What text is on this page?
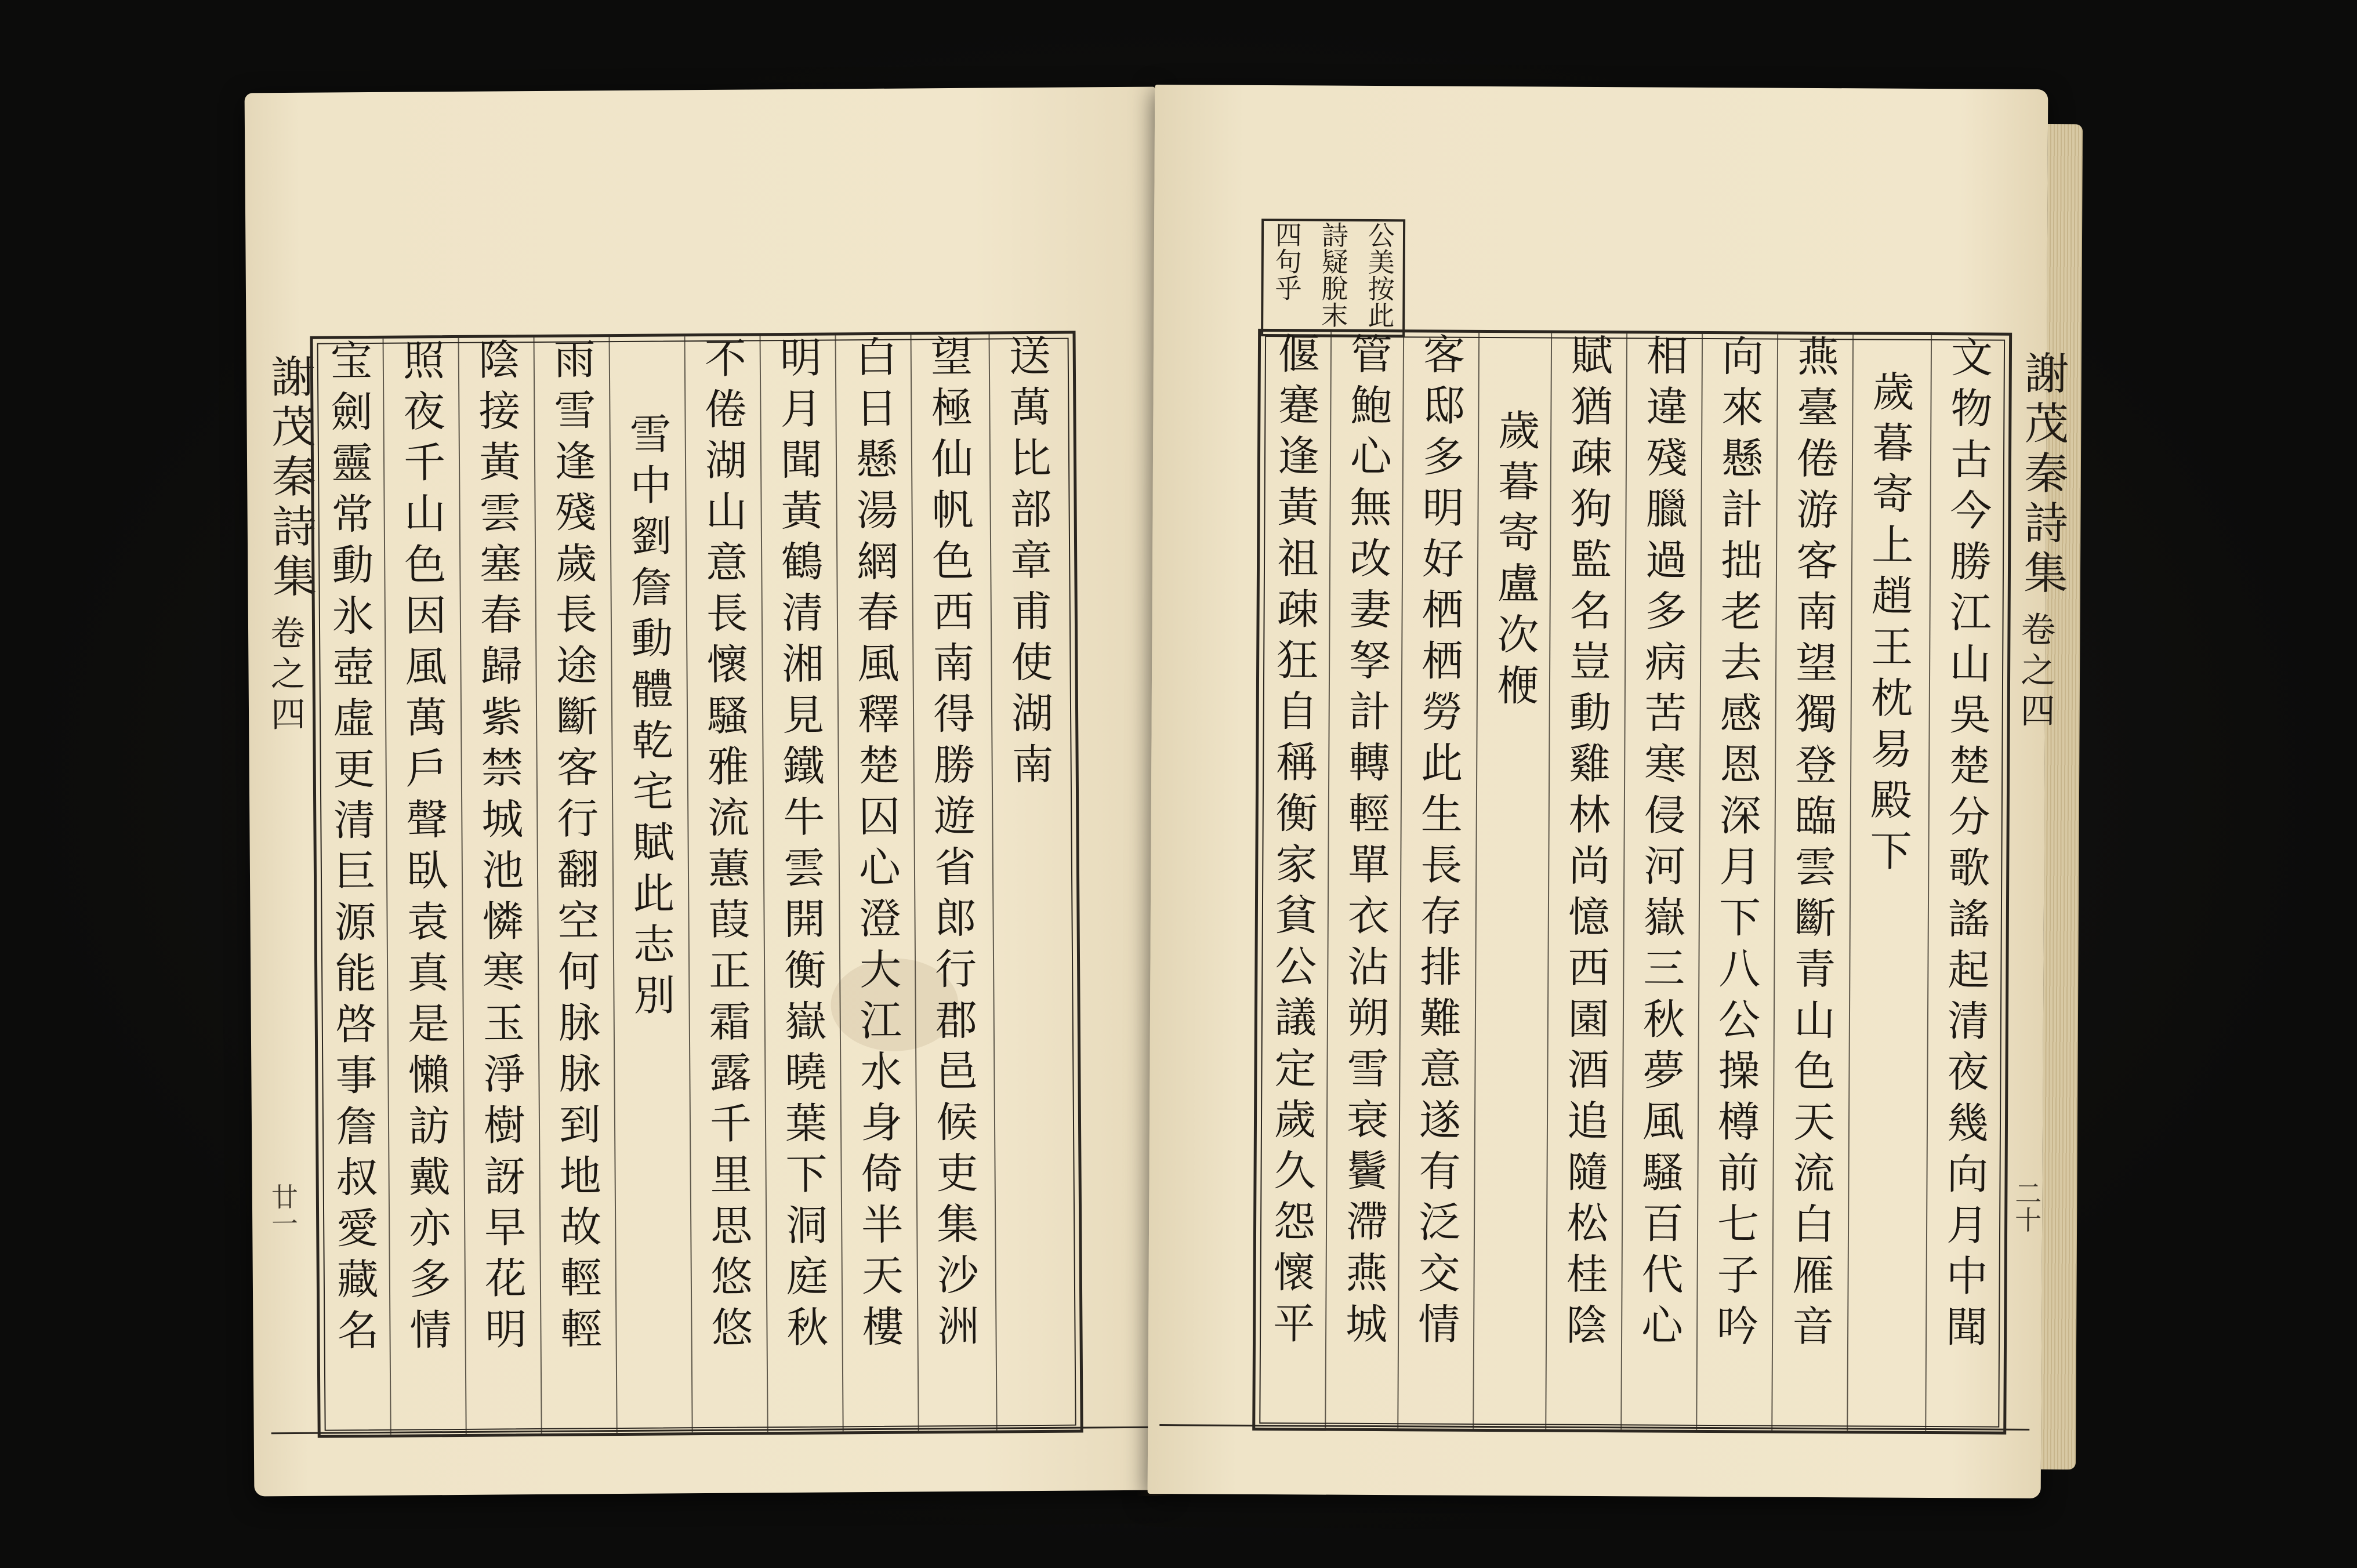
謝茂秦詩集
卷之四
廿一
送萬比部章甫使湖南
望極仙帆色西南得勝遊省郎行郡邑候吏集沙洲
白日懸湯網春風釋楚囚心澄大江水身倚半天樓
明月聞黃鶴清湘見鐵牛雲開衡嶽曉葉下洞庭秋
不倦湖山意長懷騷雅流蕙葭正霜露千里思悠悠
雪中劉詹動體乾宅賦此志別
雨雪逢殘歲長途斷客行翻空何脉脉到地故輕輕
陰接黃雲塞春歸紫禁城池憐寒玉淨樹訝早花明
照夜千山色因風萬戶聲臥袁真是懶訪戴亦多情
宝劍靈常動氷壺虛更清巨源能啓事詹叔愛藏名
公美按此
詩疑脫末
四句乎
謝茂秦詩集
卷之四
二十
文物古今勝江山吳楚分歌謠起清夜幾向月中聞
歲暮寄上趙王枕易殿下
燕臺倦游客南望獨登臨雲斷青山色天流白雁音
向來懸計拙老去感恩深月下八公操樽前七子吟
相違殘臘過多病苦寒侵河嶽三秋夢風騷百代心
賦猶疎狗監名豈動雞林尚憶西園酒追隨松桂陰
歲暮寄盧次楩
客邸多明好栖栖勞此生長存排難意遂有泛交情
管鮑心無改妻孥計轉輕單衣沾朔雪衰鬢滯燕城
偃蹇逢黃祖疎狂自稱衡家貧公議定歲久怨懷平
